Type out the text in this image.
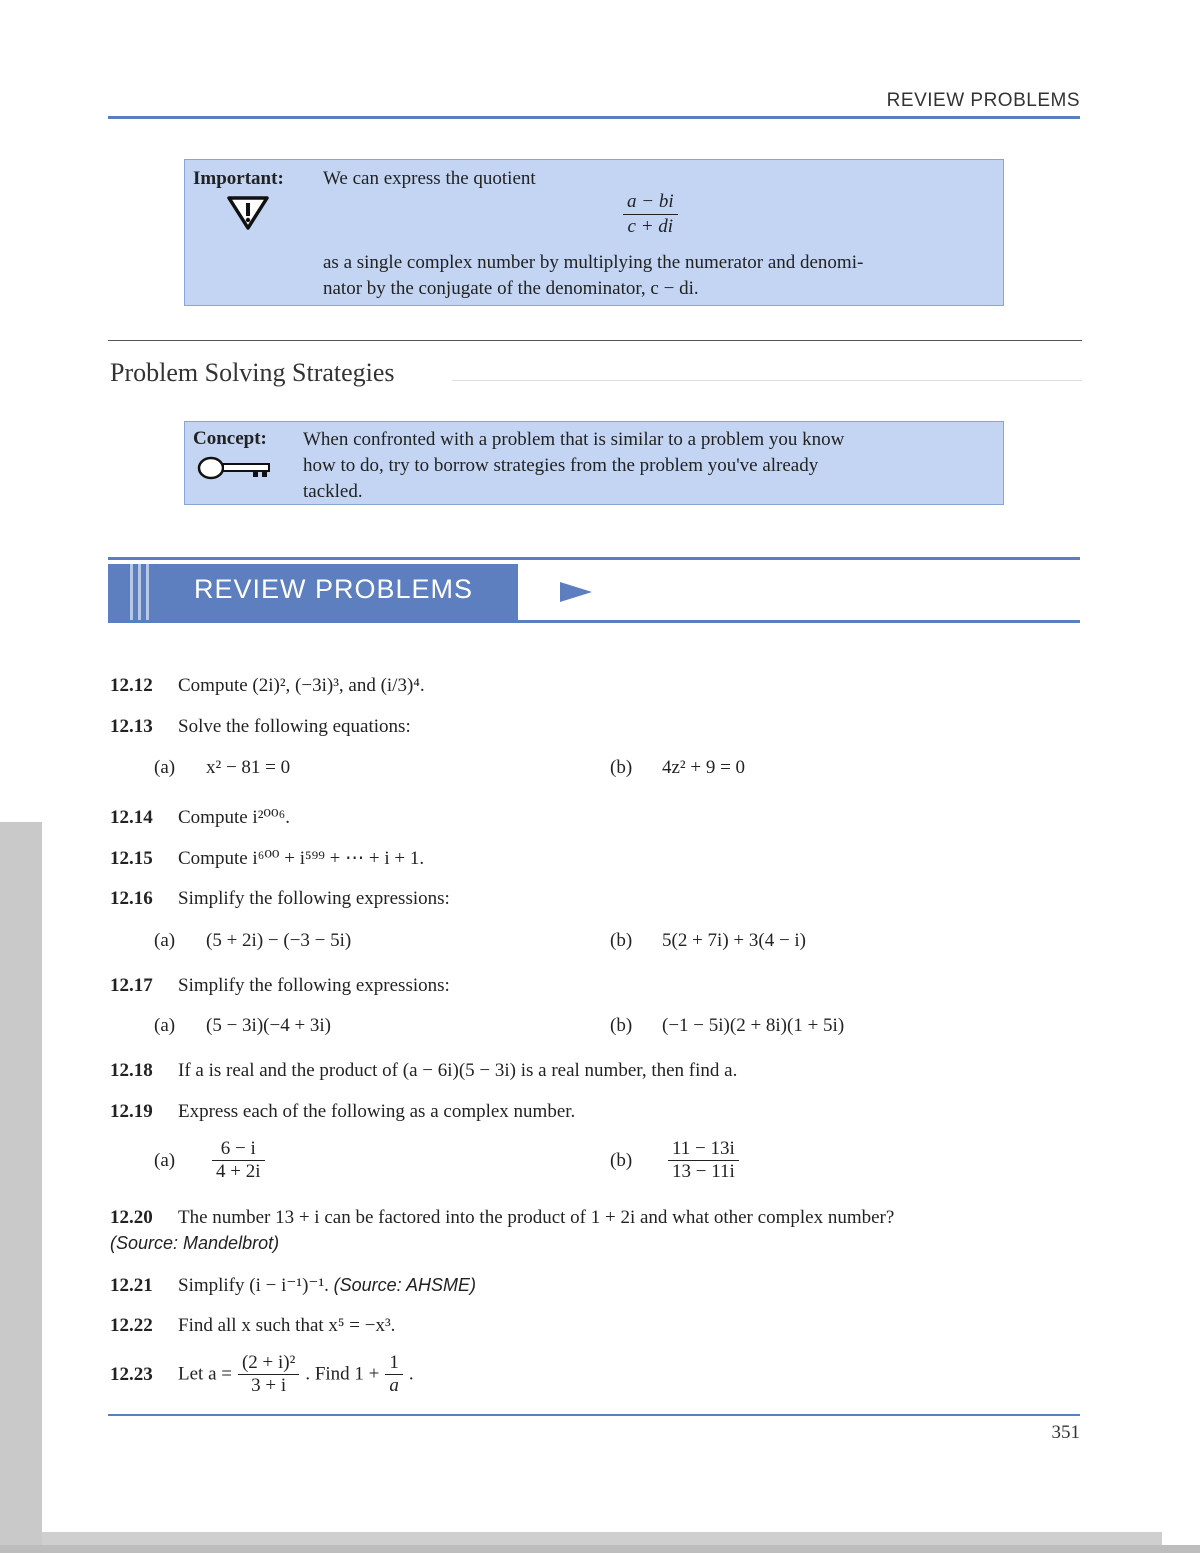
REVIEW PROBLEMS
Important: We can express the quotient
$\frac{a - bi}{c + di}$
as a single complex number by multiplying the numerator and denomi-
nator by the conjugate of the denominator, c − di.
Problem Solving Strategies
Concept: When confronted with a problem that is similar to a problem you know
how to do, try to borrow strategies from the problem you've already
tackled.
REVIEW PROBLEMS
12.12 Compute (2i)², (−3i)³, and (i/3)⁴.
12.13 Solve the following equations:
(a) x² − 81 = 0	(b) 4z² + 9 = 0
12.14 Compute i²⁰⁰⁶.
12.15 Compute i⁶⁰⁰ + i⁵⁹⁹ + ⋯ + i + 1.
12.16 Simplify the following expressions:
(a) (5 + 2i) − (−3 − 5i)	(b) 5(2 + 7i) + 3(4 − i)
12.17 Simplify the following expressions:
(a) (5 − 3i)(−4 + 3i)	(b) (−1 − 5i)(2 + 8i)(1 + 5i)
12.18 If a is real and the product of (a − 6i)(5 − 3i) is a real number, then find a.
12.19 Express each of the following as a complex number.
$(a) \frac{6 - i}{4 + 2i}$	$(b) \frac{11 - 13i}{13 - 11i}$
12.20 The number 13 + i can be factored into the product of 1 + 2i and what other complex number?
(Source: Mandelbrot)
12.21 Simplify (i − i⁻¹)⁻¹. (Source: AHSME)
12.22 Find all x such that x⁵ = −x³.
12.23 Let $a = \frac{\text{(2 + i)²}}{3 + i}$ . Find $1 + \frac{1}{a}$ .
351
